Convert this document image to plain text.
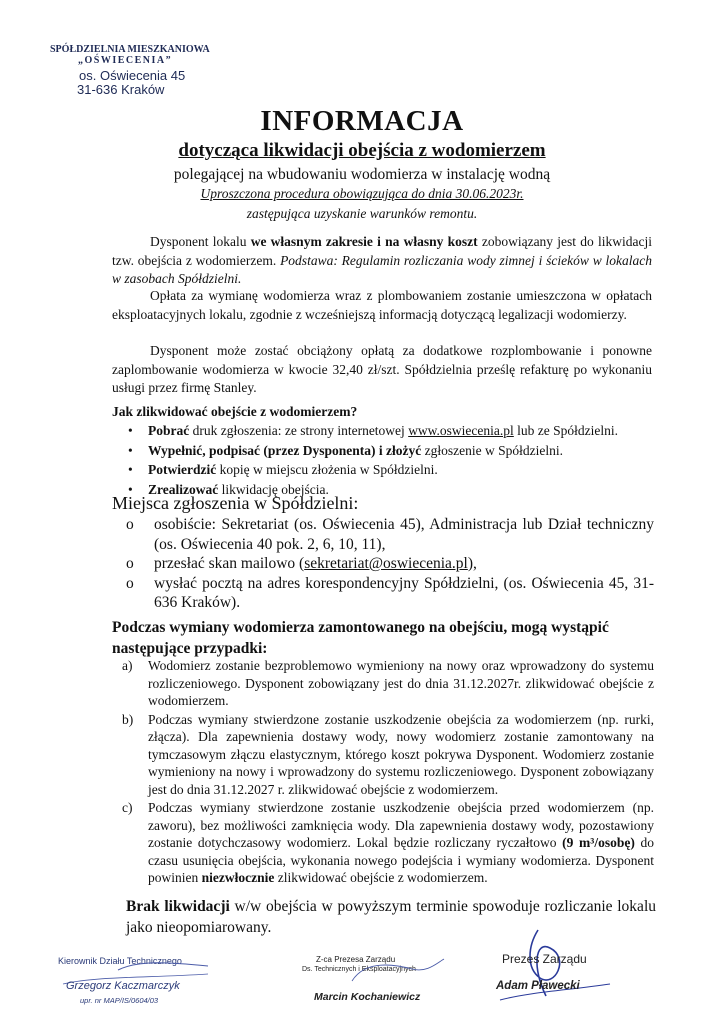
SPÓŁDZIELNIA MIESZKANIOWA
„OŚWIECENIA”
os. Oświecenia 45
31-636 Kraków
INFORMACJA
dotycząca likwidacji obejścia z wodomierzem
polegającej na wbudowaniu wodomierza w instalację wodną
Uproszczona procedura obowiązująca do dnia 30.06.2023r.
zastępująca uzyskanie warunków remontu.
Dysponent lokalu we własnym zakresie i na własny koszt zobowiązany jest do likwidacji tzw. obejścia z wodomierzem. Podstawa: Regulamin rozliczania wody zimnej i ścieków w lokalach w zasobach Spółdzielni.
Opłata za wymianę wodomierza wraz z plombowaniem zostanie umieszczona w opłatach eksploatacyjnych lokalu, zgodnie z wcześniejszą informacją dotyczącą legalizacji wodomierzy.
Dysponent może zostać obciążony opłatą za dodatkowe rozplombowanie i ponowne zaplombowanie wodomierza w kwocie 32,40 zł/szt. Spółdzielnia prześlę refakturę po wykonaniu usługi przez firmę Stanley.
Jak zlikwidować obejście z wodomierzem?
• Pobrać druk zgłoszenia: ze strony internetowej www.oswiecenia.pl lub ze Spółdzielni.
• Wypełnić, podpisać (przez Dysponenta) i złożyć zgłoszenie w Spółdzielni.
• Potwierdzić kopię w miejscu złożenia w Spółdzielni.
• Zrealizować likwidację obejścia.
Miejsca zgłoszenia w Spółdzielni:
o osobiście: Sekretariat (os. Oświecenia 45), Administracja lub Dział techniczny (os. Oświecenia 40 pok. 2, 6, 10, 11),
o przesłać skan mailowo (sekretariat@oswiecenia.pl),
o wysłać pocztą na adres korespondencyjny Spółdzielni, (os. Oświecenia 45, 31-636 Kraków).
Podczas wymiany wodomierza zamontowanego na obejściu, mogą wystąpić następujące przypadki:
a) Wodomierz zostanie bezproblemowo wymieniony na nowy oraz wprowadzony do systemu rozliczeniowego. Dysponent zobowiązany jest do dnia 31.12.2027r. zlikwidować obejście z wodomierzem.
b) Podczas wymiany stwierdzone zostanie uszkodzenie obejścia za wodomierzem (np. rurki, złącza). Dla zapewnienia dostawy wody, nowy wodomierz zostanie zamontowany na tymczasowym złączu elastycznym, którego koszt pokrywa Dysponent. Wodomierz zostanie wymieniony na nowy i wprowadzony do systemu rozliczeniowego. Dysponent zobowiązany jest do dnia 31.12.2027 r. zlikwidować obejście z wodomierzem.
c) Podczas wymiany stwierdzone zostanie uszkodzenie obejścia przed wodomierzem (np. zaworu), bez możliwości zamknięcia wody. Dla zapewnienia dostawy wody, pozostawiony zostanie dotychczasowy wodomierz. Lokal będzie rozliczany ryczałtowo (9 m³/osobę) do czasu usunięcia obejścia, wykonania nowego podejścia i wymiany wodomierza. Dysponent powinien niezwłocznie zlikwidować obejście z wodomierzem.
Brak likwidacji w/w obejścia w powyższym terminie spowoduje rozliczanie lokalu jako nieopomiarowany.
Kierownik Działu Technicznego
Grzegorz Kaczmarczyk
upr. nr MAP/IS/0604/03
Z-ca Prezesa Zarządu
Ds. Technicznych i Eksploatacyjnych
Marcin Kochaniewicz
Prezes Zarządu
Adam Pławecki
